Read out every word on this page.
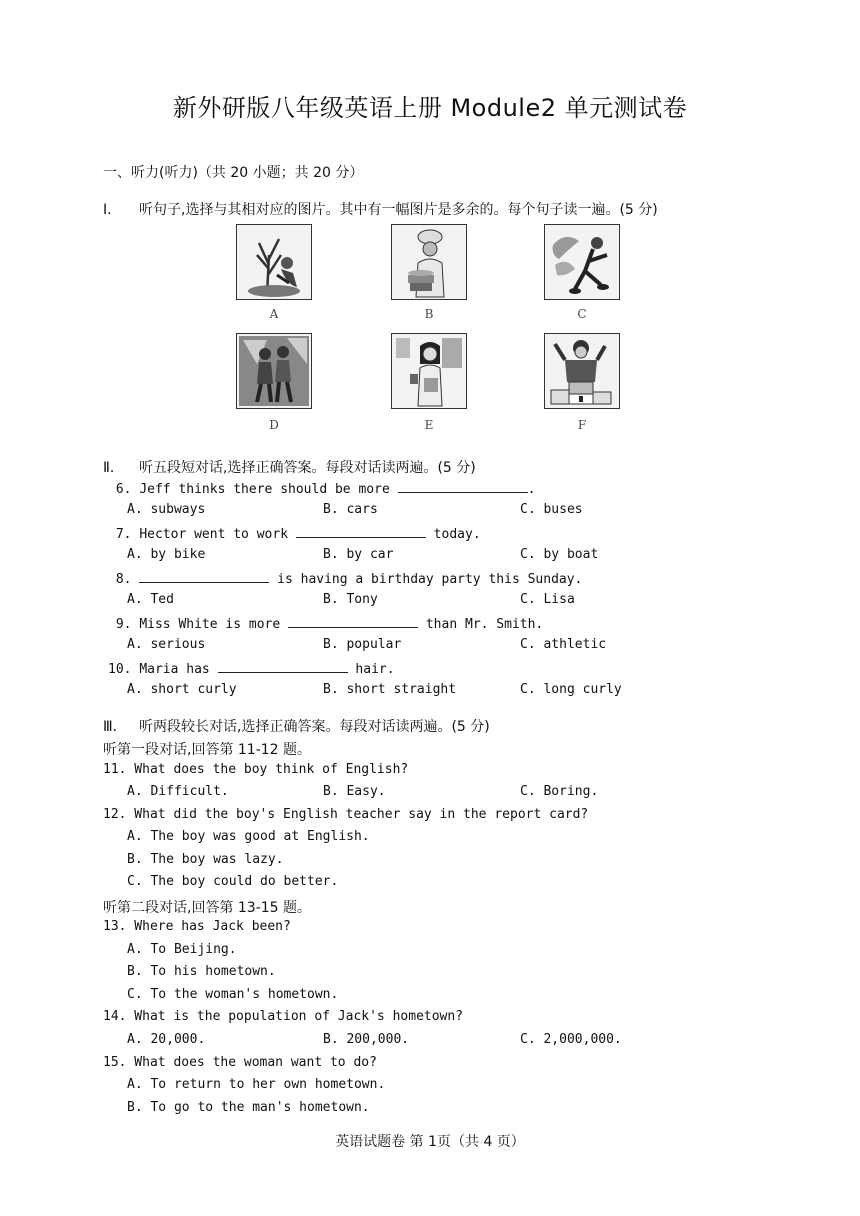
新外研版八年级英语上册 Module2 单元测试卷
一、听力(听力)（共 20 小题；共 20 分）
Ⅰ． 听句子,选择与其相对应的图片。其中有一幅图片是多余的。每个句子读一遍。(5 分)
A	B	C
D	E	F
Ⅱ． 听五段短对话,选择正确答案。每段对话读两遍。(5 分)
6. Jeff thinks there should be more	.
A. subways	B. cars	C. buses
7. Hector went to work	today.
A. by bike	B. by car	C. by boat
8.	is having a birthday party this Sunday.
A. Ted	B. Tony	C. Lisa
9. Miss White is more	than Mr. Smith.
A. serious	B. popular	C. athletic
10. Maria has	hair.
A. short curly	B. short straight	C. long curly
Ⅲ． 听两段较长对话,选择正确答案。每段对话读两遍。(5 分)
听第一段对话,回答第 11-12 题。
11. What does the boy think of English?
A. Difficult.	B. Easy.	C. Boring.
12. What did the boy's English teacher say in the report card?
A. The boy was good at English.
B. The boy was lazy.
C. The boy could do better.
听第二段对话,回答第 13-15 题。
13. Where has Jack been?
A. To Beijing.
B. To his hometown.
C. To the woman's hometown.
14. What is the population of Jack's hometown?
A. 20,000.	B. 200,000.	C. 2,000,000.
15. What does the woman want to do?
A. To return to her own hometown.
B. To go to the man's hometown.
英语试题卷 第 1页（共 4 页）
